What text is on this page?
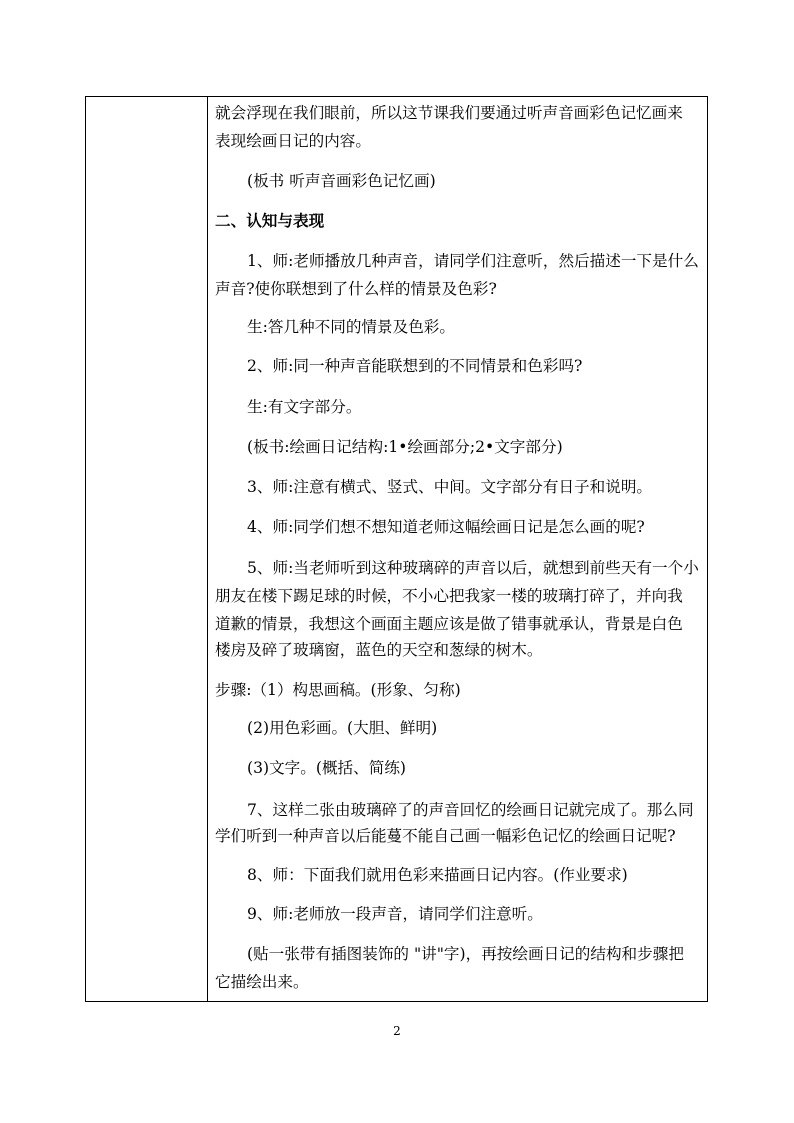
就会浮现在我们眼前，所以这节课我们要通过听声音画彩色记忆画来
表现绘画日记的内容。
(板书 听声音画彩色记忆画)
二、认知与表现
1、师:老师播放几种声音，请同学们注意听，然后描述一下是什么
声音?使你联想到了什么样的情景及色彩?
生:答几种不同的情景及色彩。
2、师:同一种声音能联想到的不同情景和色彩吗?
生:有文字部分。
(板书:绘画日记结构:1•绘画部分;2•文字部分)
3、师:注意有横式、竖式、中间。文字部分有日子和说明。
4、师:同学们想不想知道老师这幅绘画日记是怎么画的呢?
5、师:当老师听到这种玻璃碎的声音以后，就想到前些天有一个小
朋友在楼下踢足球的时候，不小心把我家一楼的玻璃打碎了，并向我
道歉的情景，我想这个画面主题应该是做了错事就承认，背景是白色
楼房及碎了玻璃窗，蓝色的天空和葱绿的树木。
步骤:（1）构思画稿。(形象、匀称)
(2)用色彩画。(大胆、鲜明)
(3)文字。(概括、简练)
7、这样二张由玻璃碎了的声音回忆的绘画日记就完成了。那么同
学们听到一种声音以后能蔓不能自己画一幅彩色记忆的绘画日记呢?
8、师：下面我们就用色彩来描画日记内容。(作业要求)
9、师:老师放一段声音，请同学们注意听。
(贴一张带有插图装饰的 "讲"字)，再按绘画日记的结构和步骤把
它描绘出来。
2
